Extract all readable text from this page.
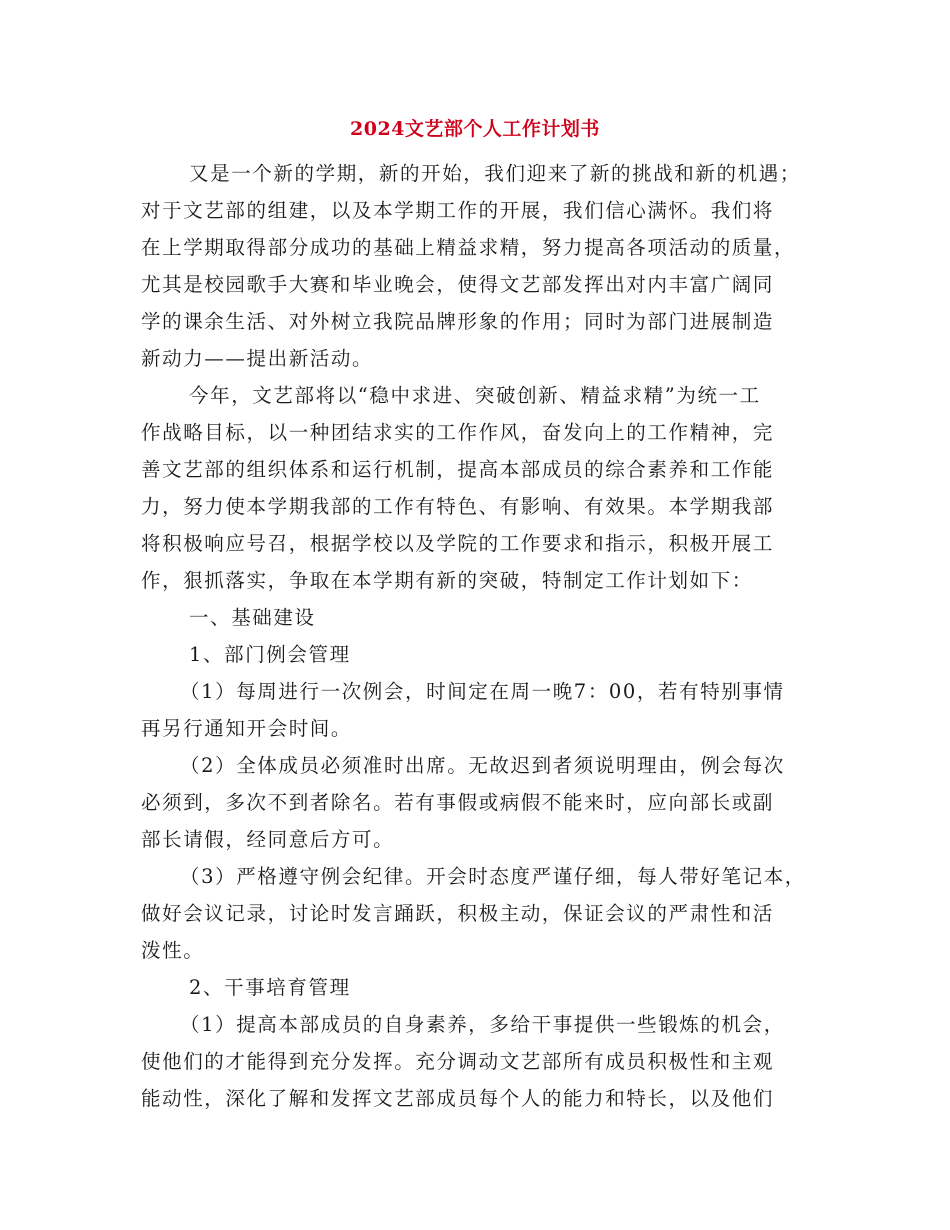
2024文艺部个人工作计划书
又是一个新的学期，新的开始，我们迎来了新的挑战和新的机遇；
对于文艺部的组建，以及本学期工作的开展，我们信心满怀。我们将
在上学期取得部分成功的基础上精益求精，努力提高各项活动的质量，
尤其是校园歌手大赛和毕业晚会，使得文艺部发挥出对内丰富广阔同
学的课余生活、对外树立我院品牌形象的作用；同时为部门进展制造
新动力——提出新活动。
今年，文艺部将以“稳中求进、突破创新、精益求精”为统一工
作战略目标，以一种团结求实的工作作风，奋发向上的工作精神，完
善文艺部的组织体系和运行机制，提高本部成员的综合素养和工作能
力，努力使本学期我部的工作有特色、有影响、有效果。本学期我部
将积极响应号召，根据学校以及学院的工作要求和指示，积极开展工
作，狠抓落实，争取在本学期有新的突破，特制定工作计划如下：
一、基础建设
1、部门例会管理
（1）每周进行一次例会，时间定在周一晚7：00，若有特别事情
再另行通知开会时间。
（2）全体成员必须准时出席。无故迟到者须说明理由，例会每次
必须到，多次不到者除名。若有事假或病假不能来时，应向部长或副
部长请假，经同意后方可。
（3）严格遵守例会纪律。开会时态度严谨仔细，每人带好笔记本，
做好会议记录，讨论时发言踊跃，积极主动，保证会议的严肃性和活
泼性。
2、干事培育管理
（1）提高本部成员的自身素养，多给干事提供一些锻炼的机会，
使他们的才能得到充分发挥。充分调动文艺部所有成员积极性和主观
能动性，深化了解和发挥文艺部成员每个人的能力和特长，以及他们
